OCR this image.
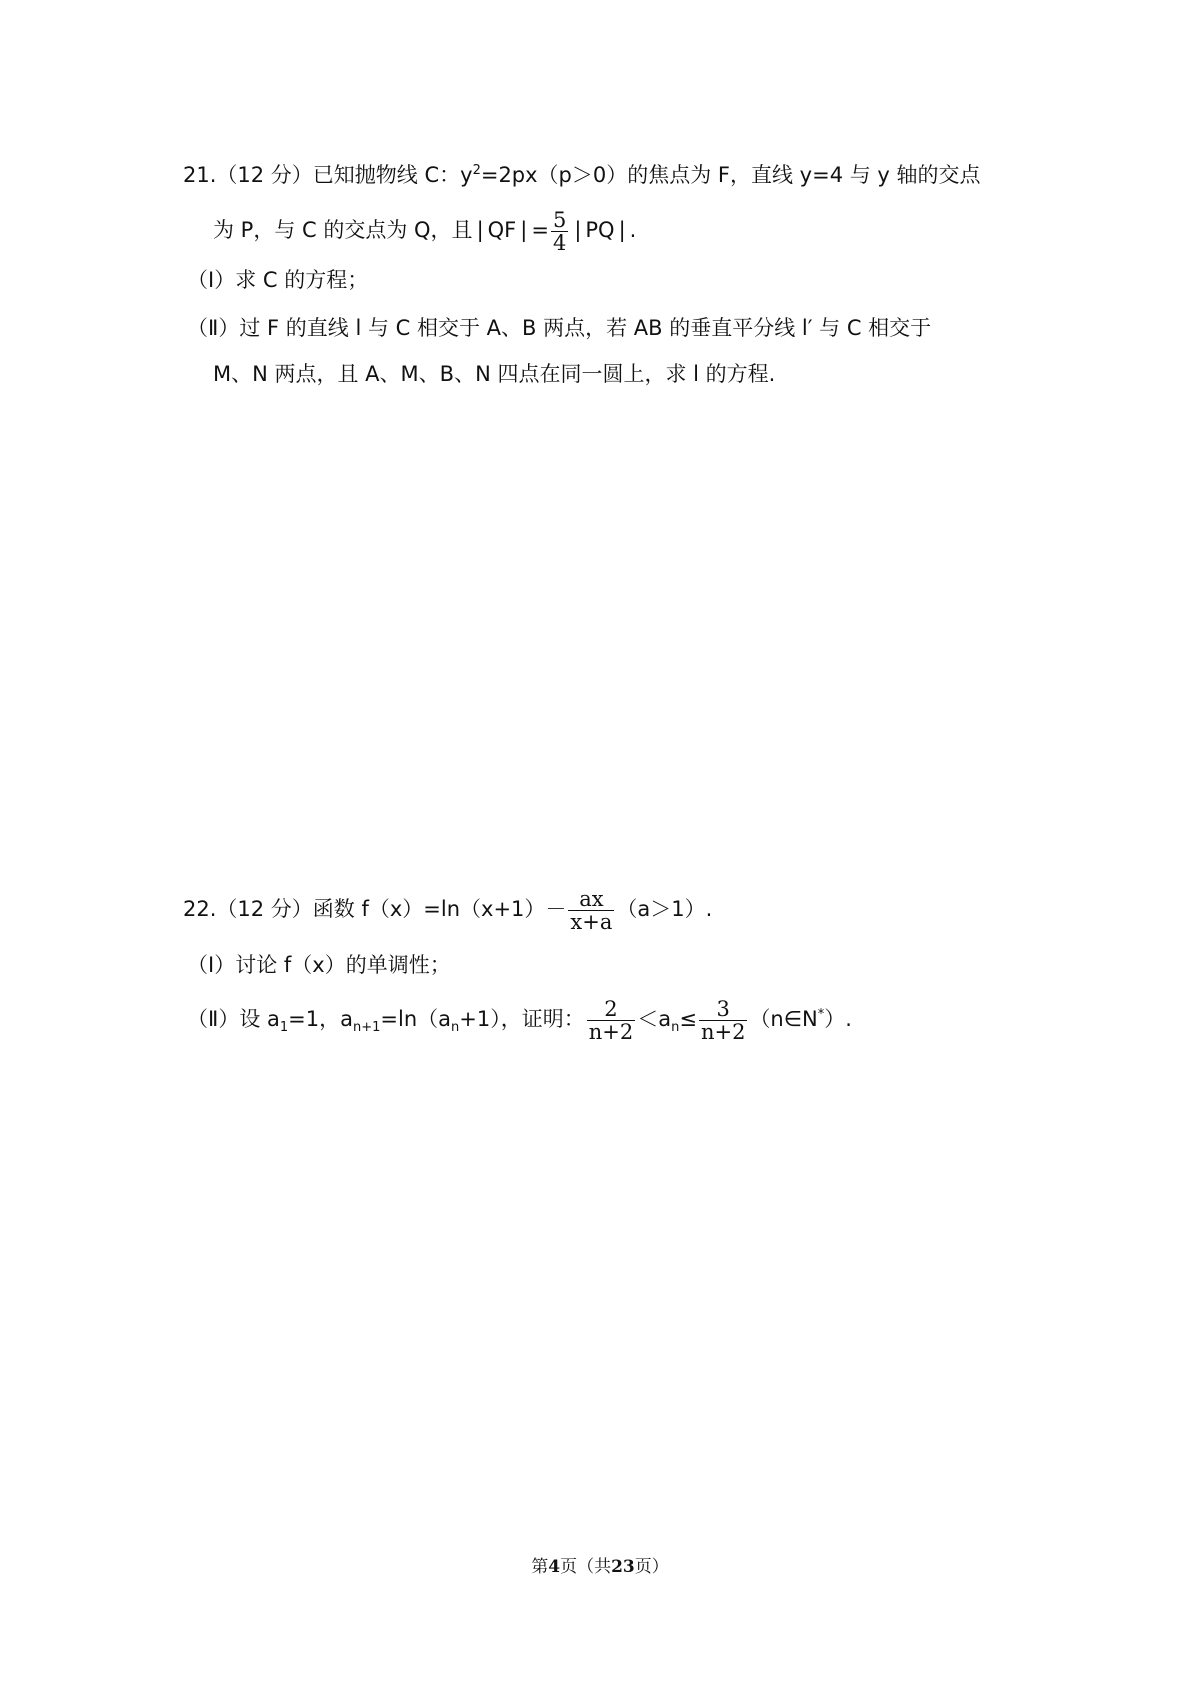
21.（12 分）已知抛物线 C：$y^2=2px(p>0)$的焦点为 F，直线 y=4 与 y 轴的交点
为 P，与 C 的交点为 Q，且 | QF | = $\frac{5}{4}$ | PQ | .
（Ⅰ）求 C 的方程；
（Ⅱ）过 F 的直线 l 与 C 相交于 A、B 两点，若 AB 的垂直平分线 l′ 与 C 相交于
M、N 两点，且 A、M、B、N 四点在同一圆上，求 l 的方程.
22.（12 分）函数 $f(x)=\ln(x+1)- \frac{ax}{x+a} (a>1)$.
（Ⅰ）讨论 f（x）的单调性；
（Ⅱ）设 $a_1=1$，$a_{n+1}=\ln(a_n+1)$，证明： $\frac{2}{n+2} <a_n\le \frac{3}{n+2}$ （n∈N*）.
第4页（共23页）
